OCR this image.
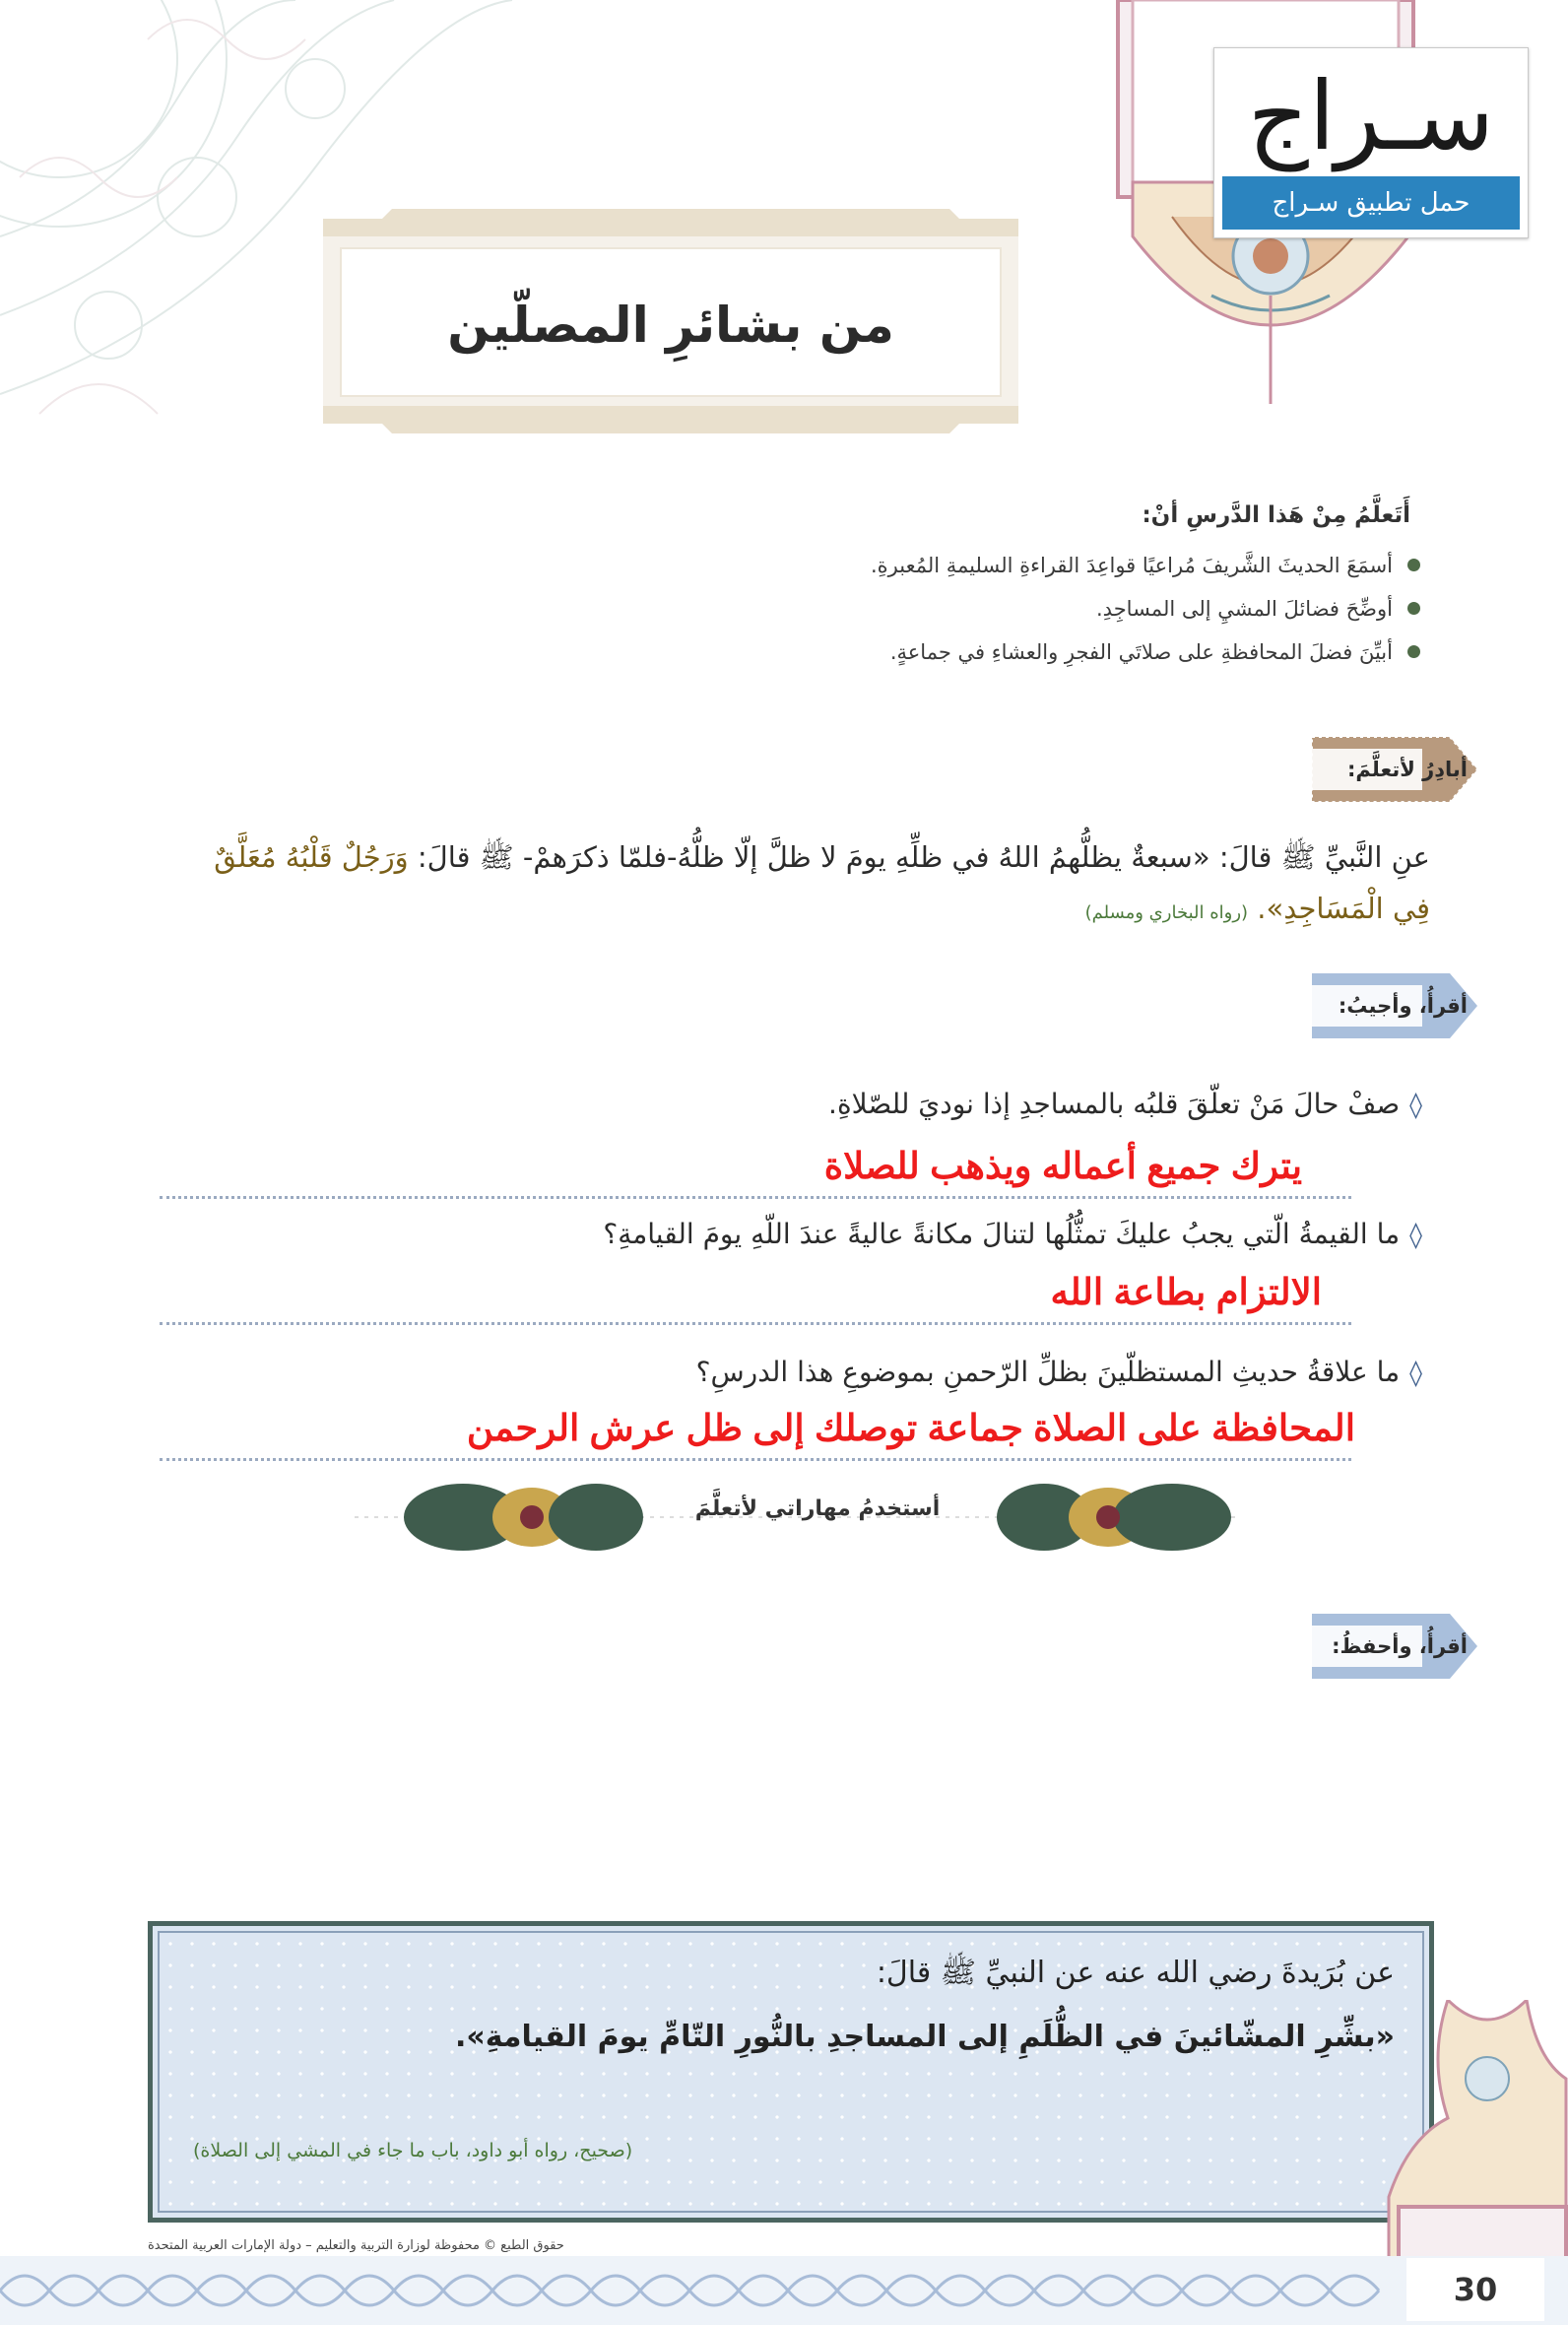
سـراج
حمل تطبيق سـراج
من بشائرِ المصلّين
أَتَعلَّمُ مِنْ هَذا الدَّرسِ أنْ:
أسمَعَ الحديثَ الشَّريفَ مُراعيًا قواعِدَ القراءةِ السليمةِ المُعبرةِ.
أوضِّحَ فضائلَ المشيِ إلى المساجِدِ.
أبيِّنَ فضلَ المحافظةِ على صلاتَي الفجرِ والعشاءِ في جماعةٍ.
أبادِرُ لأتعلَّمَ:
عنِ النَّبيِّ ﷺ قالَ: «سبعةٌ يظلُّهمُ اللهُ في ظلِّهِ يومَ لا ظلَّ إلّا ظلُّهُ-فلمّا ذكرَهمْ- ﷺ قالَ: وَرَجُلٌ قَلْبُهُ مُعَلَّقٌ
فِي الْمَسَاجِدِ». (رواه البخاري ومسلم)
أقرأُ، وأجيبُ:
◊صفْ حالَ مَنْ تعلّقَ قلبُه بالمساجدِ إذا نوديَ للصّلاةِ.
يترك جميع أعماله ويذهب للصلاة
◊ما القيمةُ الّتي يجبُ عليكَ تمثُّلُها لتنالَ مكانةً عاليةً عندَ اللّهِ يومَ القيامةِ؟
الالتزام بطاعة الله
◊ما علاقةُ حديثِ المستظلّينَ بظلِّ الرّحمنِ بموضوعِ هذا الدرسِ؟
المحافظة على الصلاة جماعة توصلك إلى ظل عرش الرحمن
أستخدمُ مهاراتي لأتعلَّمَ
أقرأُ، وأحفظُ:
عن بُرَيدةَ رضي الله عنه عن النبيِّ ﷺ قالَ:
«بشِّرِ المشّائينَ في الظُّلَمِ إلى المساجدِ بالنُّورِ التّامِّ يومَ القيامةِ».
(صحيح، رواه أبو داود، باب ما جاء في المشي إلى الصلاة)
حقوق الطبع © محفوظة لوزارة التربية والتعليم – دولة الإمارات العربية المتحدة
30
